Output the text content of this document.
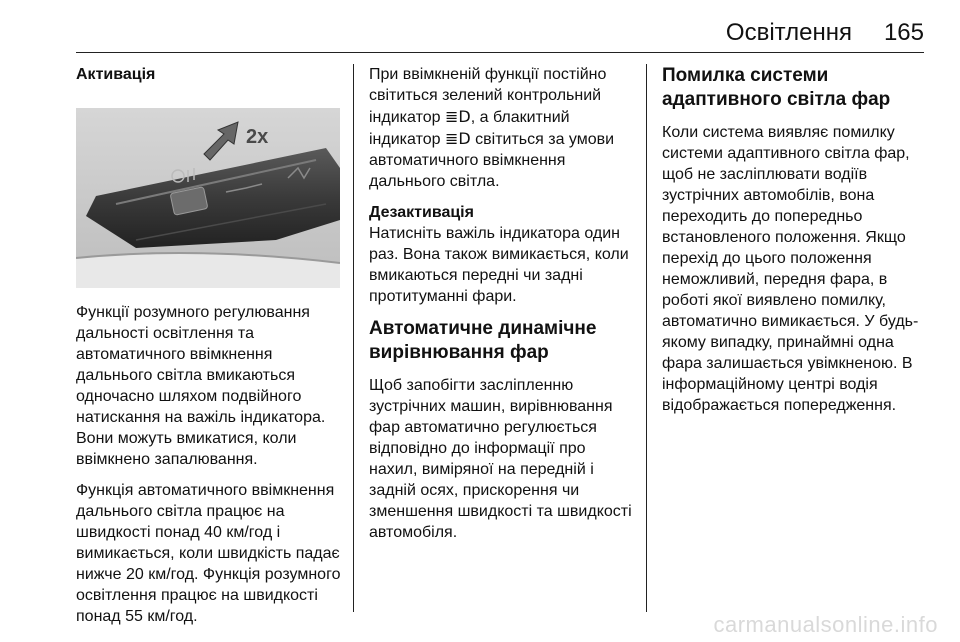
Освітлення 165

Активація

2x

Функції розумного регулювання дальності освітлення та автоматичного ввімкнення дальнього світла вмикаються одночасно шляхом подвійного натискання на важіль індикатора. Вони можуть вмикатися, коли ввімкнено запалювання.

Функція автоматичного ввімкнення дальнього світла працює на швидкості понад 40 км/год і вимикається, коли швидкість падає нижче 20 км/год. Функція розумного освітлення працює на швидкості понад 55 км/год.

При ввімкненій функції постійно світиться зелений контрольний індикатор ≣D, а блакитний індикатор ≣D світиться за умови автоматичного ввімкнення дальнього світла.

Дезактивація

Натисніть важіль індикатора один раз. Вона також вимикається, коли вмикаються передні чи задні протитуманні фари.

Автоматичне динамічне вирівнювання фар

Щоб запобігти засліпленню зустрічних машин, вирівнювання фар автоматично регулюється відповідно до інформації про нахил, виміряної на передній і задній осях, прискорення чи зменшення швидкості та швидкості автомобіля.

Помилка системи адаптивного світла фар

Коли система виявляє помилку системи адаптивного світла фар, щоб не засліплювати водіїв зустрічних автомобілів, вона переходить до попередньо встановленого положення. Якщо перехід до цього положення неможливий, передня фара, в роботі якої виявлено помилку, автоматично вимикається. У будь-якому випадку, принаймні одна фара залишається увімкненою. В інформаційному центрі водія відображається попередження.

carmanualsonline.info
